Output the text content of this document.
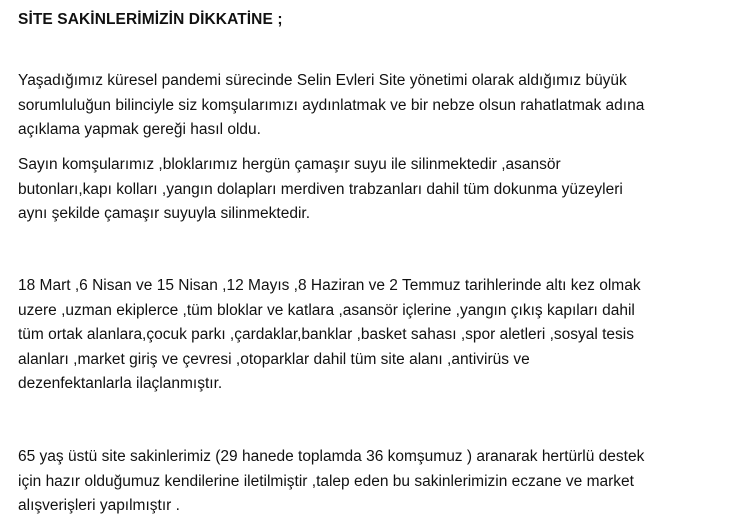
SİTE SAKİNLERİMİZİN DİKKATİNE ;
Yaşadığımız küresel pandemi sürecinde Selin Evleri Site yönetimi olarak aldığımız büyük
sorumluluğun bilinciyle siz komşularımızı aydınlatmak ve bir nebze olsun rahatlatmak adına
açıklama yapmak gereği hasıl oldu.
Sayın komşularımız ,bloklarımız hergün çamaşır suyu ile silinmektedir ,asansör
butonları,kapı kolları ,yangın dolapları merdiven trabzanları dahil tüm dokunma yüzeyleri
aynı şekilde çamaşır suyuyla silinmektedir.
18 Mart ,6 Nisan ve 15 Nisan ,12 Mayıs ,8 Haziran ve 2 Temmuz tarihlerinde altı kez olmak
uzere ,uzman ekiplerce ,tüm bloklar ve katlara ,asansör içlerine ,yangın çıkış kapıları dahil
tüm ortak alanlara,çocuk parkı ,çardaklar,banklar ,basket sahası ,spor aletleri ,sosyal tesis
alanları ,market giriş ve çevresi ,otoparklar dahil tüm site alanı ,antivirüs ve
dezenfektanlarla ilaçlanmıştır.
65 yaş üstü site sakinlerimiz (29 hanede toplamda 36 komşumuz ) aranarak hertürlü destek
için hazır olduğumuz kendilerine iletilmiştir ,talep eden bu sakinlerimizin eczane ve market
alışverişleri yapılmıştır .
